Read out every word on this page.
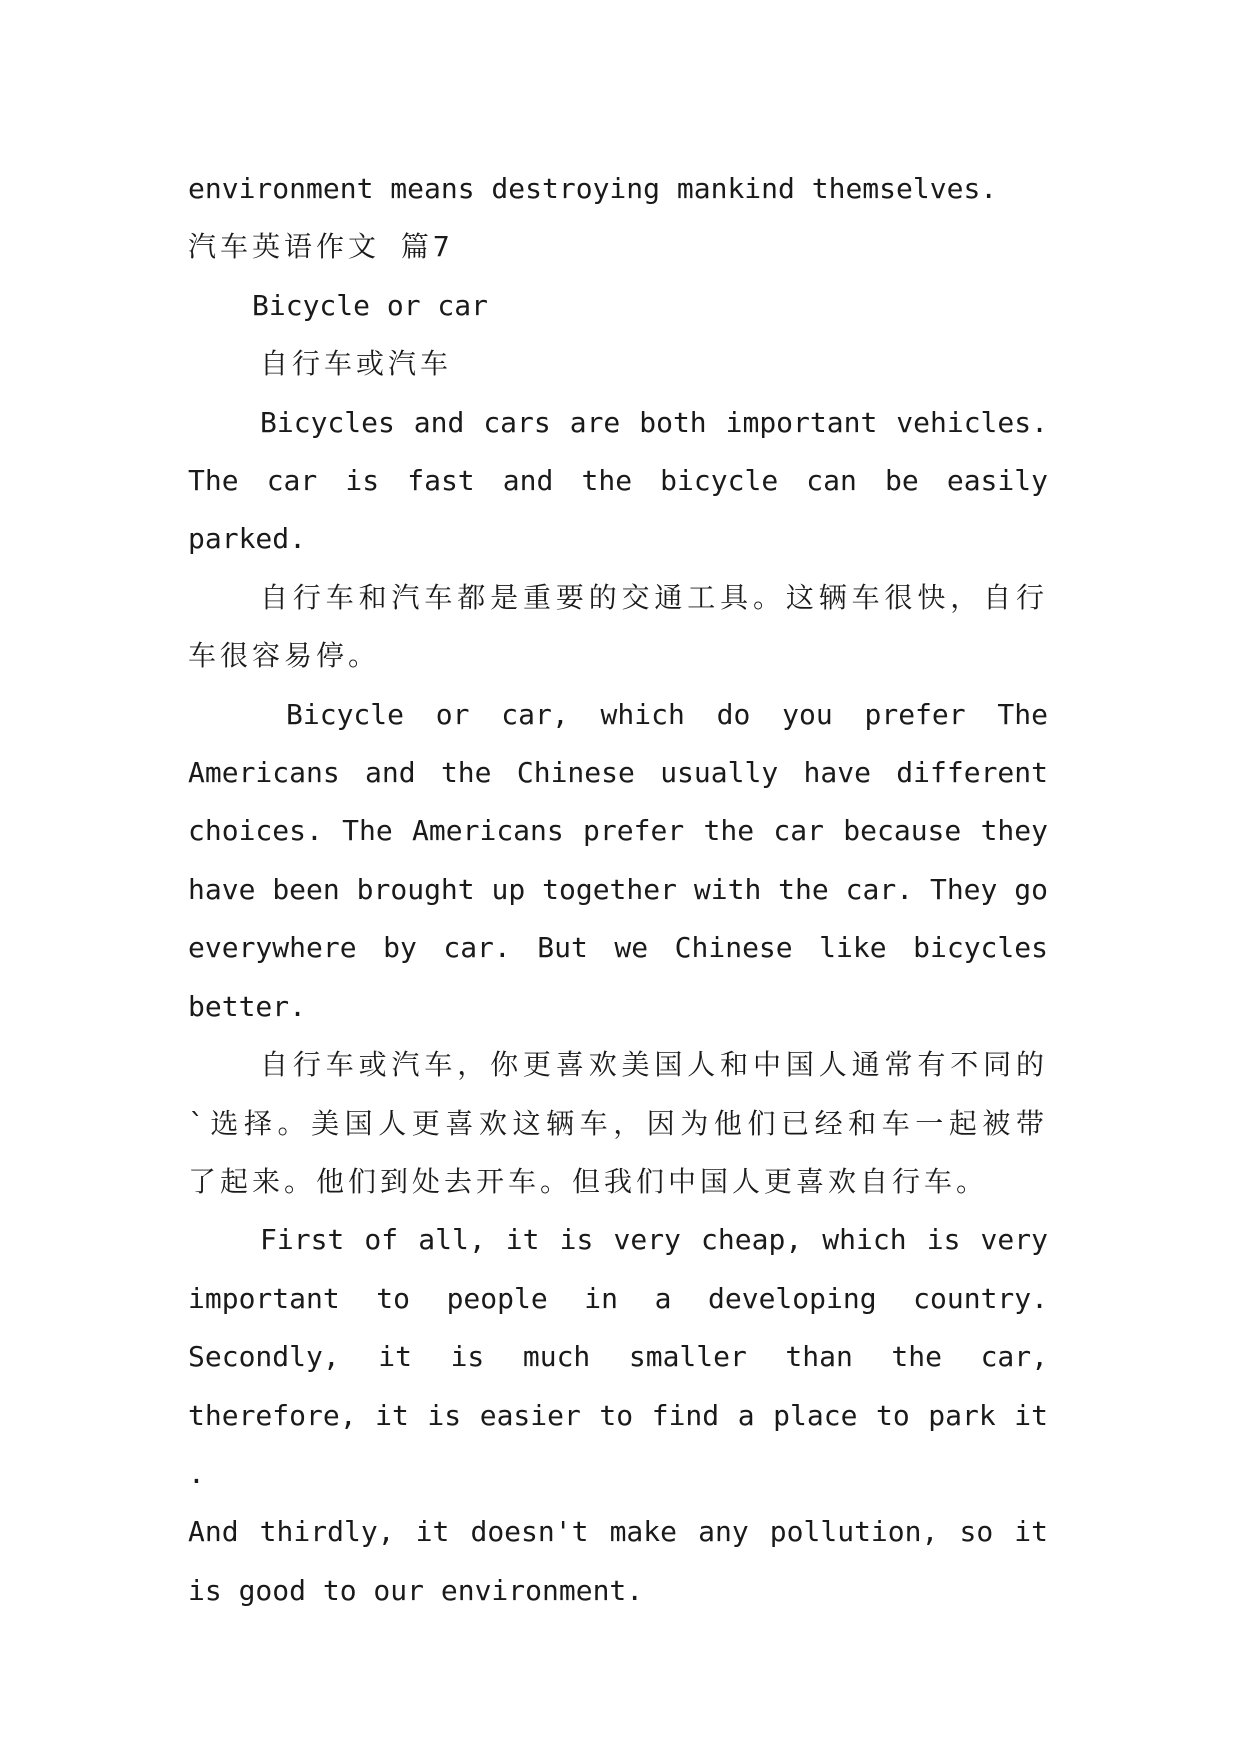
environment means destroying mankind themselves.

汽车英语作文 篇7

Bicycle or car

自行车或汽车

Bicycles and cars are both important vehicles.
The car is fast and the bicycle can be easily
parked.
自行车和汽车都是重要的交通工具。这辆车很快，自行
车很容易停。
Bicycle or car, which do you prefer The
Americans and the Chinese usually have different
choices. The Americans prefer the car because they
have been brought up together with the car. They go
everywhere by car. But we Chinese like bicycles
better.
自行车或汽车，你更喜欢美国人和中国人通常有不同的
`选择。美国人更喜欢这辆车，因为他们已经和车一起被带
了起来。他们到处去开车。但我们中国人更喜欢自行车。
First of all, it is very cheap, which is very
important to people in a developing country.
Secondly, it is much smaller than the car,
therefore, it is easier to find a place to park it .
And thirdly, it doesn't make any pollution, so it
is good to our environment.
